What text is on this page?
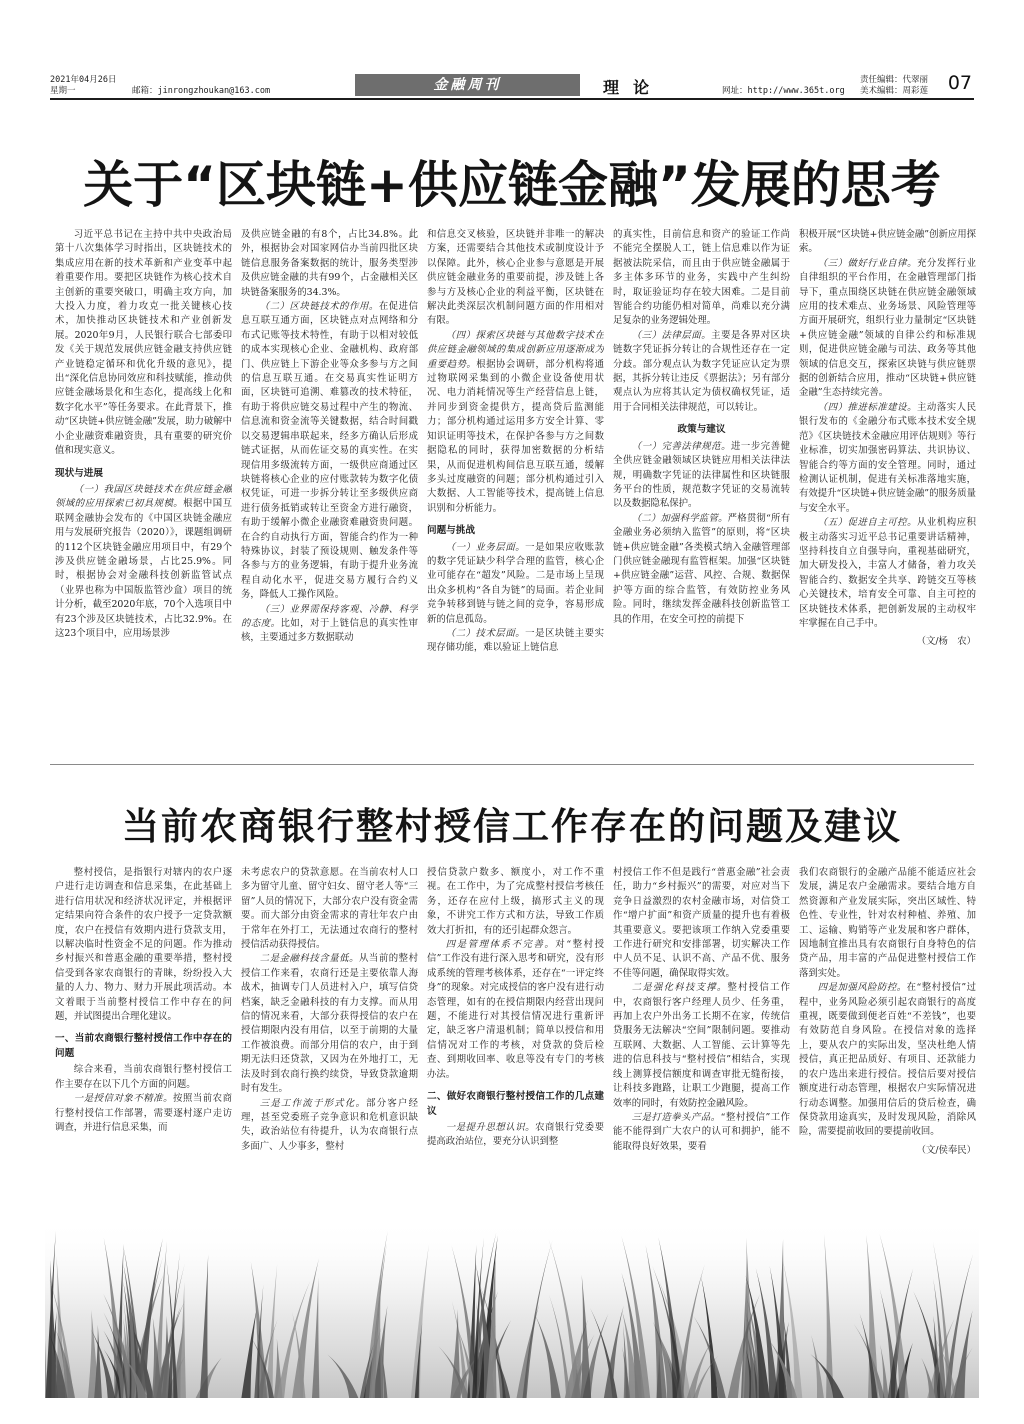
2021年04月26日
星期一	邮箱：jinrongzhoukan@163.com	金融周刊	理论	网址：http://www.365t.org
责任编辑：代翠丽
美术编辑：周彩莲 07
关于“区块链+供应链金融”发展的思考

习近平总书记在主持中共中央政治局第十八次集体学习时指出，区块链技术的集成应用在新的技术革新和产业变革中起着重要作用。要把区块链作为核心技术自主创新的重要突破口，明确主攻方向，加大投入力度，着力攻克一批关键核心技术，加快推动区块链技术和产业创新发展。2020年9月，人民银行联合七部委印发《关于规范发展供应链金融支持供应链产业链稳定循环和优化升级的意见》，提出“深化信息协同效应和科技赋能，推动供应链金融场景化和生态化，提高线上化和数字化水平”等任务要求。在此背景下，推动“区块链+供应链金融”发展，助力破解中小企业融资难融资贵，具有重要的研究价值和现实意义。

现状与进展

（一）我国区块链技术在供应链金融领域的应用探索已初具规模。根据中国互联网金融协会发布的《中国区块链金融应用与发展研究报告（2020）》，课题组调研的112个区块链金融应用项目中，有29个涉及供应链金融场景，占比25.9%。同时，根据协会对金融科技创新监管试点（业界也称为中国版监管沙盒）项目的统计分析，截至2020年底，70个入选项目中有23个涉及区块链技术，占比32.9%。在这23个项目中，应用场景涉

及供应链金融的有8个，占比34.8%。此外，根据协会对国家网信办当前四批区块链信息服务备案数据的统计，服务类型涉及供应链金融的共有99个，占金融相关区块链备案服务的34.3%。

（二）区块链技术的作用。在促进信息互联互通方面，区块链点对点网络和分布式记账等技术特性，有助于以相对较低的成本实现核心企业、金融机构、政府部门、供应链上下游企业等众多参与方之间的信息互联互通。在交易真实性证明方面，区块链可追溯、难篡改的技术特征，有助于将供应链交易过程中产生的物流、信息流和资金流等关键数据，结合时间戳以交易逻辑串联起来，经多方确认后形成链式证据，从而佐证交易的真实性。在实现信用多级流转方面，一级供应商通过区块链将核心企业的应付账款转为数字化债权凭证，可进一步拆分转让至多级供应商进行债务抵销或转让至资金方进行融资，有助于缓解小微企业融资难融资贵问题。在合约自动执行方面，智能合约作为一种特殊协议，封装了预设规则、触发条件等各参与方的业务逻辑，有助于提升业务流程自动化水平，促进交易方履行合约义务，降低人工操作风险。

（三）业界需保持客观、冷静、科学的态度。比如，对于上链信息的真实性审核，主要通过多方数据联动

和信息交叉核验，区块链并非唯一的解决方案，还需要结合其他技术或制度设计予以保障。此外，核心企业参与意愿是开展供应链金融业务的重要前提，涉及链上各参与方及核心企业的利益平衡，区块链在解决此类深层次机制问题方面的作用相对有限。

（四）探索区块链与其他数字技术在供应链金融领域的集成创新应用逐渐成为重要趋势。根据协会调研，部分机构将通过物联网采集到的小微企业设备使用状况、电力消耗情况等生产经营信息上链，并同步到资金提供方，提高贷后监测能力；部分机构通过运用多方安全计算、零知识证明等技术，在保护各参与方之间数据隐私的同时，获得加密数据的分析结果，从而促进机构间信息互联互通，缓解多头过度融资的问题；部分机构通过引入大数据、人工智能等技术，提高链上信息识别和分析能力。

问题与挑战

（一）业务层面。一是如果应收账款的数字凭证缺少科学合理的监管，核心企业可能存在“超发”风险。二是市场上呈现出众多机构“各自为链”的局面。若企业间竞争转移到链与链之间的竞争，容易形成新的信息孤岛。

（二）技术层面。一是区块链主要实现存储功能，难以验证上链信息

的真实性，目前信息和资产的验证工作尚不能完全摆脱人工，链上信息难以作为证据被法院采信，而且由于供应链金融属于多主体多环节的业务，实践中产生纠纷时，取证验证均存在较大困难。二是目前智能合约功能仍相对简单，尚难以充分满足复杂的业务逻辑处理。

（三）法律层面。主要是各界对区块链数字凭证拆分转让的合规性还存在一定分歧。部分观点认为数字凭证应认定为票据，其拆分转让违反《票据法》；另有部分观点认为应将其认定为债权确权凭证，适用于合同相关法律规范，可以转让。

政策与建议

（一）完善法律规范。进一步完善健全供应链金融领域区块链应用相关法律法规，明确数字凭证的法律属性和区块链服务平台的性质，规范数字凭证的交易流转以及数据隐私保护。

（二）加强科学监管。严格贯彻“所有金融业务必须纳入监管”的原则，将“区块链+供应链金融”各类模式纳入金融管理部门供应链金融现有监管框架。加强“区块链+供应链金融”运营、风控、合规、数据保护等方面的综合监管，有效防控业务风险。同时，继续发挥金融科技创新监管工具的作用，在安全可控的前提下

积极开展“区块链+供应链金融”创新应用探索。

（三）做好行业自律。充分发挥行业自律组织的平台作用，在金融管理部门指导下，重点围绕区块链在供应链金融领域应用的技术难点、业务场景、风险管理等方面开展研究，组织行业力量制定“区块链+供应链金融”领域的自律公约和标准规则，促进供应链金融与司法、政务等其他领域的信息交互，探索区块链与供应链票据的创新结合应用，推动“区块链+供应链金融”生态持续完善。

（四）推进标准建设。主动落实人民银行发布的《金融分布式账本技术安全规范》《区块链技术金融应用评估规则》等行业标准，切实加强密码算法、共识协议、智能合约等方面的安全管理。同时，通过检测认证机制，促进有关标准落地实施，有效提升“区块链+供应链金融”的服务质量与安全水平。

（五）促进自主可控。从业机构应积极主动落实习近平总书记重要讲话精神，坚持科技自立自强导向，重视基础研究，加大研发投入，丰富人才储备，着力攻关智能合约、数据安全共享、跨链交互等核心关键技术，培育安全可靠、自主可控的区块链技术体系，把创新发展的主动权牢牢掌握在自己手中。

（文/杨　农）

当前农商银行整村授信工作存在的问题及建议

整村授信，是指银行对辖内的农户逐户进行走访调查和信息采集，在此基础上进行信用状况和经济状况评定，并根据评定结果向符合条件的农户授予一定贷款额度，农户在授信有效期内进行贷款支用，以解决临时性资金不足的问题。作为推动乡村振兴和普惠金融的重要举措，整村授信受到各家农商银行的青睐，纷纷投入大量的人力、物力、财力开展此项活动。本文着眼于当前整村授信工作中存在的问题，并试图提出合理化建议。

一、当前农商银行整村授信工作中存在的问题

综合来看，当前农商银行整村授信工作主要存在以下几个方面的问题。

一是授信对象不精准。按照当前农商行整村授信工作部署，需要逐村逐户走访调查，并进行信息采集，而

未考虑农户的贷款意愿。在当前农村人口多为留守儿童、留守妇女、留守老人等“三留”人员的情况下，大部分农户没有资金需要。而大部分由资金需求的青壮年农户由于常年在外打工，无法通过农商行的整村授信活动获得授信。

二是金融科技含量低。从当前的整村授信工作来看，农商行还是主要依靠人海战术，抽调专门人员进村入户，填写信贷档案，缺乏金融科技的有力支撑。而从用信的情况来看，大部分获得授信的农户在授信期限内没有用信，以至于前期的大量工作被浪费。而部分用信的农户，由于到期无法归还贷款，又因为在外地打工，无法及时到农商行换约续贷，导致贷款逾期时有发生。

三是工作流于形式化。部分客户经理，甚至党委班子竞争意识和危机意识缺失，政治站位有待提升，认为农商银行点多面广、人少事多，整村

授信贷款户数多、额度小，对工作不重视。在工作中，为了完成整村授信考核任务，还存在应付上级，搞形式主义的现象，不讲究工作方式和方法，导致工作质效大打折扣，有的还引起群众怨言。

四是管理体系不完善。对“整村授信”工作没有进行深入思考和研究，没有形成系统的管理考核体系，还存在“一评定终身”的现象。对完成授信的客户没有进行动态管理，如有的在授信期限内经营出现问题，不能进行对其授信情况进行重新评定，缺乏客户清退机制；简单以授信和用信情况对工作的考核，对贷款的贷后检查、到期收回率、收息等没有专门的考核办法。

二、做好农商银行整村授信工作的几点建议

一是提升思想认识。农商银行党委要提高政治站位，要充分认识到整

村授信工作不但是践行“普惠金融”社会责任，助力“乡村振兴”的需要，对应对当下竞争日益激烈的农村金融市场，对信贷工作“增户扩面”和资产质量的提升也有着极其重要意义。要把该项工作纳入党委重要工作进行研究和安排部署，切实解决工作中人员不足、认识不高、产品不优、服务不佳等问题，确保取得实效。

二是强化科技支撑。整村授信工作中，农商银行客户经理人员少、任务重，再加上农户外出务工长期不在家，传统信贷服务无法解决“空间”限制问题。要推动互联网、大数据、人工智能、云计算等先进的信息科技与“整村授信”相结合，实现线上测算授信额度和调查审批无缝衔接，让科技多跑路，让职工少跑腿，提高工作效率的同时，有效防控金融风险。

三是打造拳头产品。“整村授信”工作能不能得到广大农户的认可和拥护，能不能取得良好效果，要看

我们农商银行的金融产品能不能适应社会发展，满足农户金融需求。要结合地方自然资源和产业发展实际，突出区域性、特色性、专业性，针对农村种植、养殖、加工、运输、购销等产业发展和客户群体，因地制宜推出具有农商银行自身特色的信贷产品，用丰富的产品促进整村授信工作落到实处。

四是加强风险防控。在“整村授信”过程中，业务风险必须引起农商银行的高度重视，既要做到便老百姓“不差钱”，也要有效防范自身风险。在授信对象的选择上，要从农户的实际出发，坚决杜绝人情授信，真正把品质好、有项目、还款能力的农户选出来进行授信。授信后要对授信额度进行动态管理，根据农户实际情况进行动态调整。加强用信后的贷后检查，确保贷款用途真实，及时发现风险，消除风险，需要提前收回的要提前收回。

（文/侯奉民）
